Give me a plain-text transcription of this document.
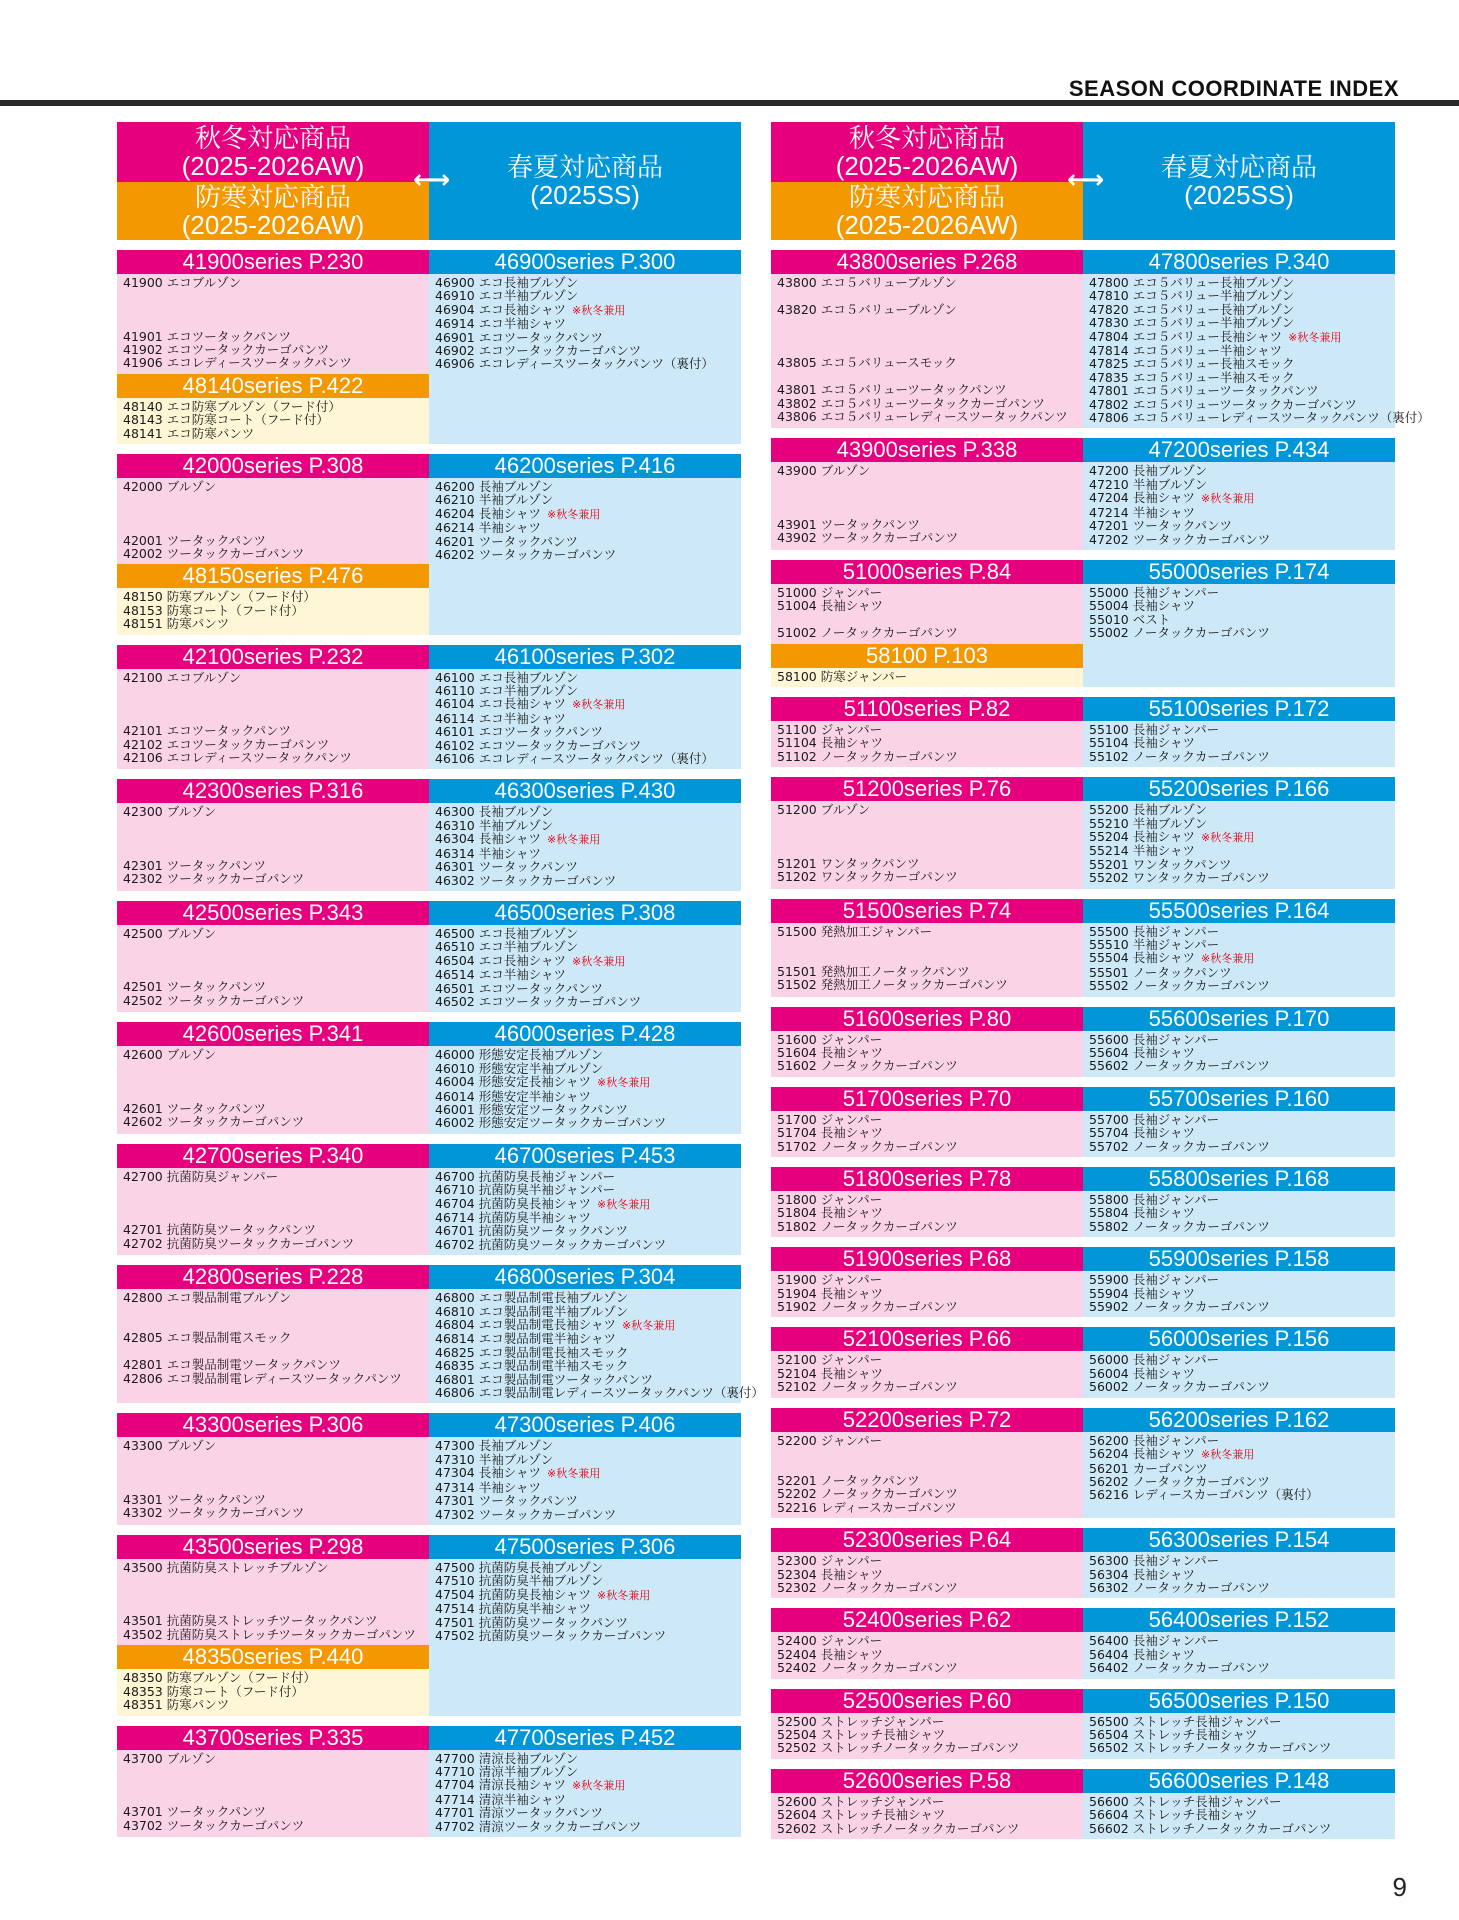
SEASON COORDINATE INDEX
秋冬対応商品
(2025-2026AW)
防寒対応商品
(2025-2026AW)
春夏対応商品
(2025SS)
⟷
41900series P.230
41900 エコブルゾン
41901 エコツータックパンツ
41902 エコツータックカーゴパンツ
41906 エコレディースツータックパンツ
48140series P.422
48140 エコ防寒ブルゾン（フード付）
48143 エコ防寒コート（フード付）
48141 エコ防寒パンツ
46900series P.300
46900 エコ長袖ブルゾン
46910 エコ半袖ブルゾン
46904 エコ長袖シャツ ※秋冬兼用
46914 エコ半袖シャツ
46901 エコツータックパンツ
46902 エコツータックカーゴパンツ
46906 エコレディースツータックパンツ（裏付）
42000series P.308
42000 ブルゾン
42001 ツータックパンツ
42002 ツータックカーゴパンツ
48150series P.476
48150 防寒ブルゾン（フード付）
48153 防寒コート（フード付）
48151 防寒パンツ
46200series P.416
46200 長袖ブルゾン
46210 半袖ブルゾン
46204 長袖シャツ ※秋冬兼用
46214 半袖シャツ
46201 ツータックパンツ
46202 ツータックカーゴパンツ
42100series P.232
42100 エコブルゾン
42101 エコツータックパンツ
42102 エコツータックカーゴパンツ
42106 エコレディースツータックパンツ
46100series P.302
46100 エコ長袖ブルゾン
46110 エコ半袖ブルゾン
46104 エコ長袖シャツ ※秋冬兼用
46114 エコ半袖シャツ
46101 エコツータックパンツ
46102 エコツータックカーゴパンツ
46106 エコレディースツータックパンツ（裏付）
42300series P.316
42300 ブルゾン
42301 ツータックパンツ
42302 ツータックカーゴパンツ
46300series P.430
46300 長袖ブルゾン
46310 半袖ブルゾン
46304 長袖シャツ ※秋冬兼用
46314 半袖シャツ
46301 ツータックパンツ
46302 ツータックカーゴパンツ
42500series P.343
42500 ブルゾン
42501 ツータックパンツ
42502 ツータックカーゴパンツ
46500series P.308
46500 エコ長袖ブルゾン
46510 エコ半袖ブルゾン
46504 エコ長袖シャツ ※秋冬兼用
46514 エコ半袖シャツ
46501 エコツータックパンツ
46502 エコツータックカーゴパンツ
42600series P.341
42600 ブルゾン
42601 ツータックパンツ
42602 ツータックカーゴパンツ
46000series P.428
46000 形態安定長袖ブルゾン
46010 形態安定半袖ブルゾン
46004 形態安定長袖シャツ ※秋冬兼用
46014 形態安定半袖シャツ
46001 形態安定ツータックパンツ
46002 形態安定ツータックカーゴパンツ
42700series P.340
42700 抗菌防臭ジャンパー
42701 抗菌防臭ツータックパンツ
42702 抗菌防臭ツータックカーゴパンツ
46700series P.453
46700 抗菌防臭長袖ジャンパー
46710 抗菌防臭半袖ジャンパー
46704 抗菌防臭長袖シャツ ※秋冬兼用
46714 抗菌防臭半袖シャツ
46701 抗菌防臭ツータックパンツ
46702 抗菌防臭ツータックカーゴパンツ
42800series P.228
42800 エコ製品制電ブルゾン
42805 エコ製品制電スモック
42801 エコ製品制電ツータックパンツ
42806 エコ製品制電レディースツータックパンツ
46800series P.304
46800 エコ製品制電長袖ブルゾン
46810 エコ製品制電半袖ブルゾン
46804 エコ製品制電長袖シャツ ※秋冬兼用
46814 エコ製品制電半袖シャツ
46825 エコ製品制電長袖スモック
46835 エコ製品制電半袖スモック
46801 エコ製品制電ツータックパンツ
46806 エコ製品制電レディースツータックパンツ（裏付）
43300series P.306
43300 ブルゾン
43301 ツータックパンツ
43302 ツータックカーゴパンツ
47300series P.406
47300 長袖ブルゾン
47310 半袖ブルゾン
47304 長袖シャツ ※秋冬兼用
47314 半袖シャツ
47301 ツータックパンツ
47302 ツータックカーゴパンツ
43500series P.298
43500 抗菌防臭ストレッチブルゾン
43501 抗菌防臭ストレッチツータックパンツ
43502 抗菌防臭ストレッチツータックカーゴパンツ
48350series P.440
48350 防寒ブルゾン（フード付）
48353 防寒コート（フード付）
48351 防寒パンツ
47500series P.306
47500 抗菌防臭長袖ブルゾン
47510 抗菌防臭半袖ブルゾン
47504 抗菌防臭長袖シャツ ※秋冬兼用
47514 抗菌防臭半袖シャツ
47501 抗菌防臭ツータックパンツ
47502 抗菌防臭ツータックカーゴパンツ
43700series P.335
43700 ブルゾン
43701 ツータックパンツ
43702 ツータックカーゴパンツ
47700series P.452
47700 清涼長袖ブルゾン
47710 清涼半袖ブルゾン
47704 清涼長袖シャツ ※秋冬兼用
47714 清涼半袖シャツ
47701 清涼ツータックパンツ
47702 清涼ツータックカーゴパンツ
秋冬対応商品
(2025-2026AW)
防寒対応商品
(2025-2026AW)
春夏対応商品
(2025SS)
⟷
43800series P.268
43800 エコ５バリューブルゾン
43820 エコ５バリューブルゾン
43805 エコ５バリュースモック
43801 エコ５バリューツータックパンツ
43802 エコ５バリューツータックカーゴパンツ
43806 エコ５バリューレディースツータックパンツ
47800series P.340
47800 エコ５バリュー長袖ブルゾン
47810 エコ５バリュー半袖ブルゾン
47820 エコ５バリュー長袖ブルゾン
47830 エコ５バリュー半袖ブルゾン
47804 エコ５バリュー長袖シャツ ※秋冬兼用
47814 エコ５バリュー半袖シャツ
47825 エコ５バリュー長袖スモック
47835 エコ５バリュー半袖スモック
47801 エコ５バリューツータックパンツ
47802 エコ５バリューツータックカーゴパンツ
47806 エコ５バリューレディースツータックパンツ（裏付）
43900series P.338
43900 ブルゾン
43901 ツータックパンツ
43902 ツータックカーゴパンツ
47200series P.434
47200 長袖ブルゾン
47210 半袖ブルゾン
47204 長袖シャツ ※秋冬兼用
47214 半袖シャツ
47201 ツータックパンツ
47202 ツータックカーゴパンツ
51000series P.84
51000 ジャンパー
51004 長袖シャツ
51002 ノータックカーゴパンツ
58100 P.103
58100 防寒ジャンパー
55000series P.174
55000 長袖ジャンパー
55004 長袖シャツ
55010 ベスト
55002 ノータックカーゴパンツ
51100series P.82
51100 ジャンパー
51104 長袖シャツ
51102 ノータックカーゴパンツ
55100series P.172
55100 長袖ジャンパー
55104 長袖シャツ
55102 ノータックカーゴパンツ
51200series P.76
51200 ブルゾン
51201 ワンタックパンツ
51202 ワンタックカーゴパンツ
55200series P.166
55200 長袖ブルゾン
55210 半袖ブルゾン
55204 長袖シャツ ※秋冬兼用
55214 半袖シャツ
55201 ワンタックパンツ
55202 ワンタックカーゴパンツ
51500series P.74
51500 発熱加工ジャンパー
51501 発熱加工ノータックパンツ
51502 発熱加工ノータックカーゴパンツ
55500series P.164
55500 長袖ジャンパー
55510 半袖ジャンパー
55504 長袖シャツ ※秋冬兼用
55501 ノータックパンツ
55502 ノータックカーゴパンツ
51600series P.80
51600 ジャンパー
51604 長袖シャツ
51602 ノータックカーゴパンツ
55600series P.170
55600 長袖ジャンパー
55604 長袖シャツ
55602 ノータックカーゴパンツ
51700series P.70
51700 ジャンパー
51704 長袖シャツ
51702 ノータックカーゴパンツ
55700series P.160
55700 長袖ジャンパー
55704 長袖シャツ
55702 ノータックカーゴパンツ
51800series P.78
51800 ジャンパー
51804 長袖シャツ
51802 ノータックカーゴパンツ
55800series P.168
55800 長袖ジャンパー
55804 長袖シャツ
55802 ノータックカーゴパンツ
51900series P.68
51900 ジャンパー
51904 長袖シャツ
51902 ノータックカーゴパンツ
55900series P.158
55900 長袖ジャンパー
55904 長袖シャツ
55902 ノータックカーゴパンツ
52100series P.66
52100 ジャンパー
52104 長袖シャツ
52102 ノータックカーゴパンツ
56000series P.156
56000 長袖ジャンパー
56004 長袖シャツ
56002 ノータックカーゴパンツ
52200series P.72
52200 ジャンパー
52201 ノータックパンツ
52202 ノータックカーゴパンツ
52216 レディースカーゴパンツ
56200series P.162
56200 長袖ジャンパー
56204 長袖シャツ ※秋冬兼用
56201 カーゴパンツ
56202 ノータックカーゴパンツ
56216 レディースカーゴパンツ（裏付）
52300series P.64
52300 ジャンパー
52304 長袖シャツ
52302 ノータックカーゴパンツ
56300series P.154
56300 長袖ジャンパー
56304 長袖シャツ
56302 ノータックカーゴパンツ
52400series P.62
52400 ジャンパー
52404 長袖シャツ
52402 ノータックカーゴパンツ
56400series P.152
56400 長袖ジャンパー
56404 長袖シャツ
56402 ノータックカーゴパンツ
52500series P.60
52500 ストレッチジャンパー
52504 ストレッチ長袖シャツ
52502 ストレッチノータックカーゴパンツ
56500series P.150
56500 ストレッチ長袖ジャンパー
56504 ストレッチ長袖シャツ
56502 ストレッチノータックカーゴパンツ
52600series P.58
52600 ストレッチジャンパー
52604 ストレッチ長袖シャツ
52602 ストレッチノータックカーゴパンツ
56600series P.148
56600 ストレッチ長袖ジャンパー
56604 ストレッチ長袖シャツ
56602 ストレッチノータックカーゴパンツ
9
